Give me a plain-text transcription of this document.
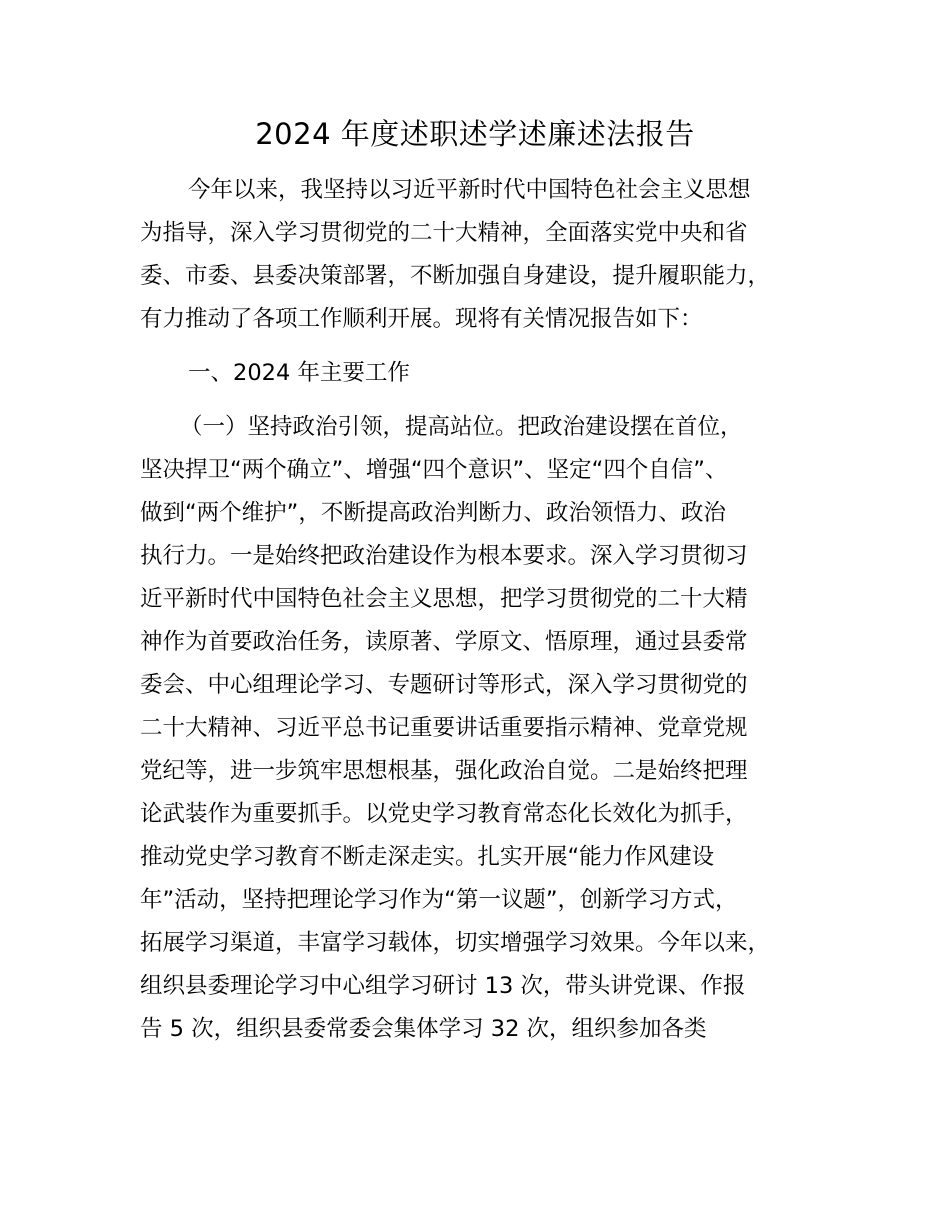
2024 年度述职述学述廉述法报告
今年以来，我坚持以习近平新时代中国特色社会主义思想
为指导，深入学习贯彻党的二十大精神，全面落实党中央和省
委、市委、县委决策部署，不断加强自身建设，提升履职能力，
有力推动了各项工作顺利开展。现将有关情况报告如下：
一、2024 年主要工作
（一）坚持政治引领，提高站位。把政治建设摆在首位，
坚决捍卫“两个确立”、增强“四个意识”、坚定“四个自信”、
做到“两个维护”，不断提高政治判断力、政治领悟力、政治
执行力。一是始终把政治建设作为根本要求。深入学习贯彻习
近平新时代中国特色社会主义思想，把学习贯彻党的二十大精
神作为首要政治任务，读原著、学原文、悟原理，通过县委常
委会、中心组理论学习、专题研讨等形式，深入学习贯彻党的
二十大精神、习近平总书记重要讲话重要指示精神、党章党规
党纪等，进一步筑牢思想根基，强化政治自觉。二是始终把理
论武装作为重要抓手。以党史学习教育常态化长效化为抓手，
推动党史学习教育不断走深走实。扎实开展“能力作风建设
年”活动，坚持把理论学习作为“第一议题”，创新学习方式，
拓展学习渠道，丰富学习载体，切实增强学习效果。今年以来，
组织县委理论学习中心组学习研讨 13 次，带头讲党课、作报
告 5 次，组织县委常委会集体学习 32 次，组织参加各类
